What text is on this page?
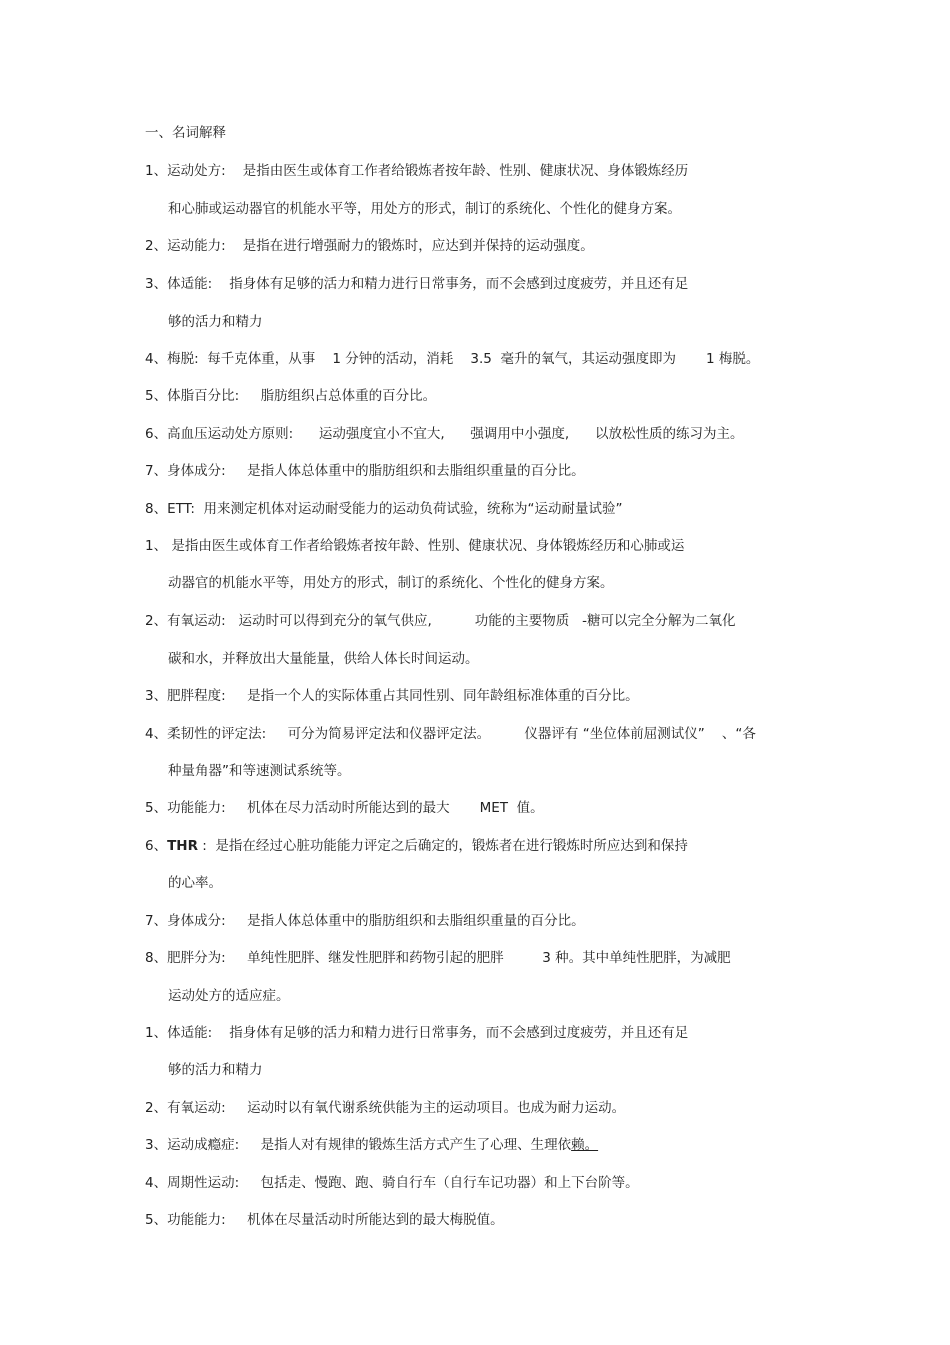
一、名词解释
1、运动处方:    是指由医生或体育工作者给锻炼者按年龄、性别、健康状况、身体锻炼经历
和心肺或运动器官的机能水平等，用处方的形式，制订的系统化、个性化的健身方案。
2、运动能力:    是指在进行增强耐力的锻炼时，应达到并保持的运动强度。
3、体适能:    指身体有足够的活力和精力进行日常事务，而不会感到过度疲劳，并且还有足
够的活力和精力
4、梅脱:  每千克体重，从事    1 分钟的活动，消耗    3.5  毫升的氧气，其运动强度即为       1 梅脱。
5、体脂百分比:     脂肪组织占总体重的百分比。
6、高血压运动处方原则:      运动强度宜小不宜大,      强调用中小强度,      以放松性质的练习为主。
7、身体成分:     是指人体总体重中的脂肪组织和去脂组织重量的百分比。
8、ETT:  用来测定机体对运动耐受能力的运动负荷试验，统称为“运动耐量试验”
1、 是指由医生或体育工作者给锻炼者按年龄、性别、健康状况、身体锻炼经历和心肺或运
动器官的机能水平等，用处方的形式，制订的系统化、个性化的健身方案。
2、有氧运动:   运动时可以得到充分的氧气供应,          功能的主要物质   -糖可以完全分解为二氧化
碳和水，并释放出大量能量，供给人体长时间运动。
3、肥胖程度:     是指一个人的实际体重占其同性别、同年龄组标准体重的百分比。
4、柔韧性的评定法:     可分为简易评定法和仪器评定法。        仪器评有 “坐位体前屈测试仪”    、“各
种量角器”和等速测试系统等。
5、功能能力:     机体在尽力活动时所能达到的最大       MET  值。
6、THR :  是指在经过心脏功能能力评定之后确定的，锻炼者在进行锻炼时所应达到和保持
的心率。
7、身体成分:     是指人体总体重中的脂肪组织和去脂组织重量的百分比。
8、肥胖分为:     单纯性肥胖、继发性肥胖和药物引起的肥胖         3 种。其中单纯性肥胖，为减肥
运动处方的适应症。
1、体适能:    指身体有足够的活力和精力进行日常事务，而不会感到过度疲劳，并且还有足
够的活力和精力
2、有氧运动:     运动时以有氧代谢系统供能为主的运动项目。也成为耐力运动。
3、运动成瘾症:     是指人对有规律的锻炼生活方式产生了心理、生理依赖。
4、周期性运动:     包括走、慢跑、跑、骑自行车（自行车记功器）和上下台阶等。
5、功能能力:     机体在尽量活动时所能达到的最大梅脱值。
